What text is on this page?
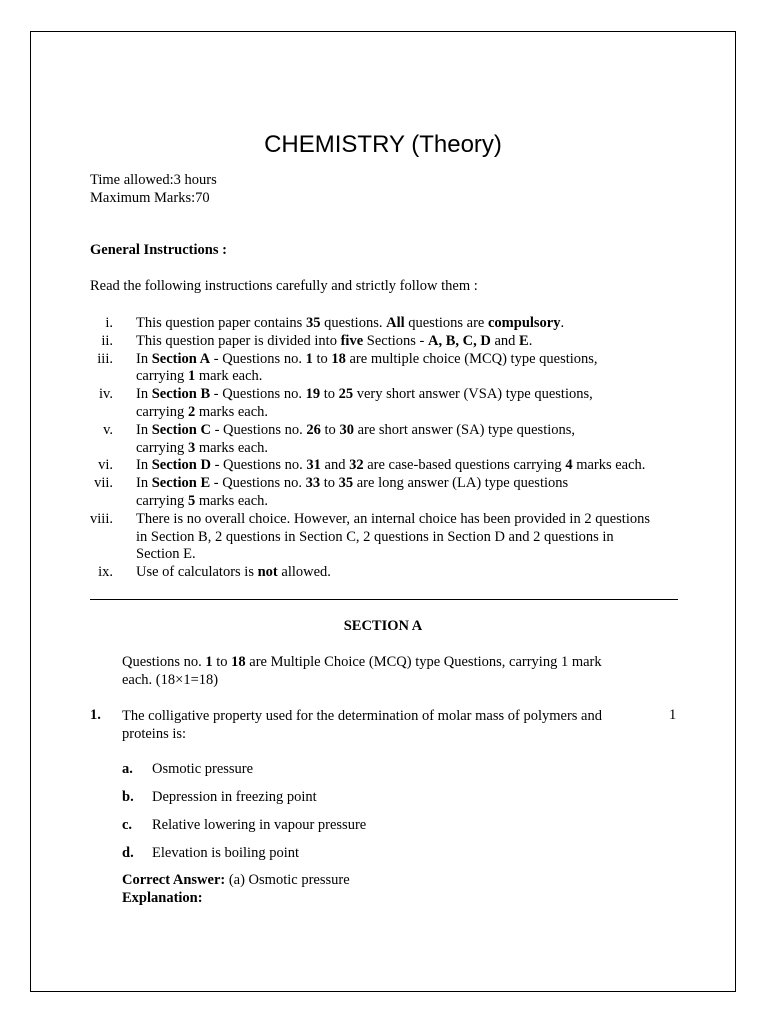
CHEMISTRY (Theory)
Time allowed:3 hours
Maximum Marks:70
General Instructions :
Read the following instructions carefully and strictly follow them :
i. This question paper contains 35 questions. All questions are compulsory.
ii. This question paper is divided into five Sections - A, B, C, D and E.
iii. In Section A - Questions no. 1 to 18 are multiple choice (MCQ) type questions,
carrying 1 mark each.
iv. In Section B - Questions no. 19 to 25 very short answer (VSA) type questions,
carrying 2 marks each.
v. In Section C - Questions no. 26 to 30 are short answer (SA) type questions,
carrying 3 marks each.
vi. In Section D - Questions no. 31 and 32 are case-based questions carrying 4 marks each.
vii. In Section E - Questions no. 33 to 35 are long answer (LA) type questions
carrying 5 marks each.
viii. There is no overall choice. However, an internal choice has been provided in 2 questions
in Section B, 2 questions in Section C, 2 questions in Section D and 2 questions in
Section E.
ix. Use of calculators is not allowed.
SECTION A
Questions no. 1 to 18 are Multiple Choice (MCQ) type Questions, carrying 1 mark
each. (18×1=18)
1. The colligative property used for the determination of molar mass of polymers and
proteins is:
1
a.	Osmotic pressure
b.	Depression in freezing point
c.	Relative lowering in vapour pressure
d.	Elevation is boiling point
Correct Answer: (a) Osmotic pressure
Explanation:
